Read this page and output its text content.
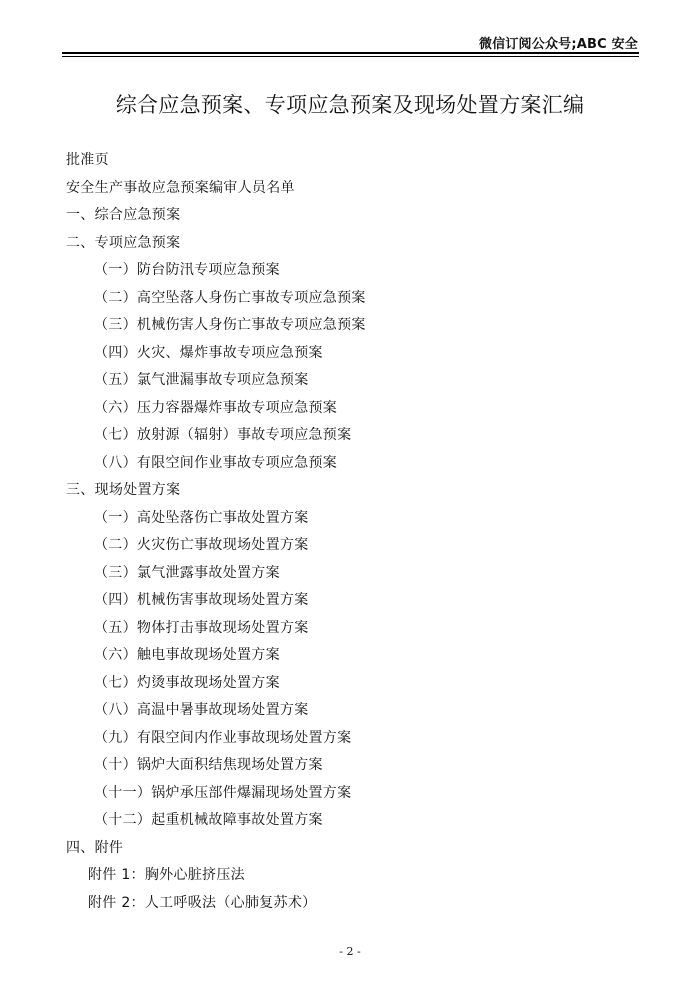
微信订阅公众号;ABC 安全
综合应急预案、专项应急预案及现场处置方案汇编
批准页
安全生产事故应急预案编审人员名单
一、综合应急预案
二、专项应急预案
（一）防台防汛专项应急预案
（二）高空坠落人身伤亡事故专项应急预案
（三）机械伤害人身伤亡事故专项应急预案
（四）火灾、爆炸事故专项应急预案
（五）氯气泄漏事故专项应急预案
（六）压力容器爆炸事故专项应急预案
（七）放射源（辐射）事故专项应急预案
（八）有限空间作业事故专项应急预案
三、现场处置方案
（一）高处坠落伤亡事故处置方案
（二）火灾伤亡事故现场处置方案
（三）氯气泄露事故处置方案
（四）机械伤害事故现场处置方案
（五）物体打击事故现场处置方案
（六）触电事故现场处置方案
（七）灼烫事故现场处置方案
（八）高温中暑事故现场处置方案
（九）有限空间内作业事故现场处置方案
（十）锅炉大面积结焦现场处置方案
（十一）锅炉承压部件爆漏现场处置方案
（十二）起重机械故障事故处置方案
四、附件
附件 1：胸外心脏挤压法
附件 2：人工呼吸法（心肺复苏术）
- 2 -
